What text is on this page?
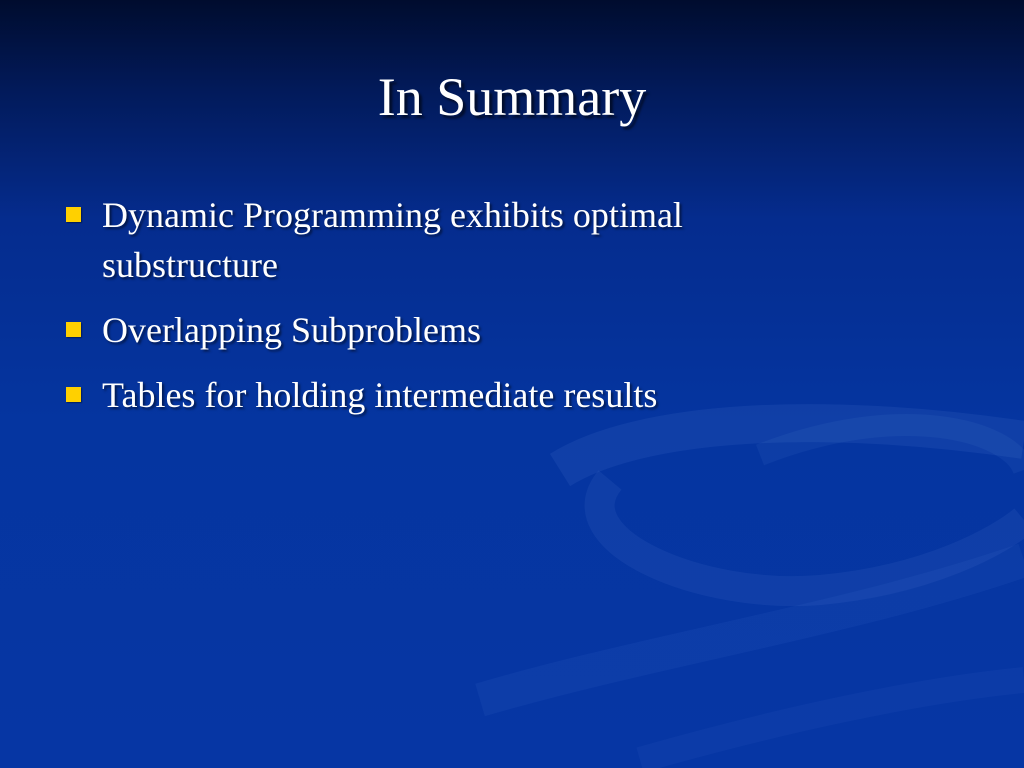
In Summary
Dynamic Programming exhibits optimal substructure
Overlapping Subproblems
Tables for holding intermediate results
